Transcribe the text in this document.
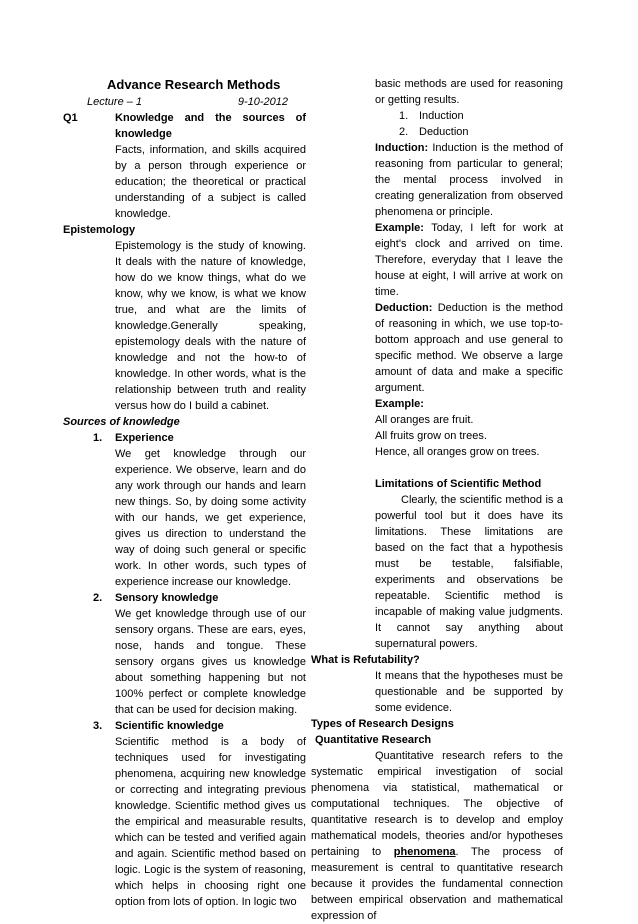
Advance Research Methods

Lecture – 1	9-10-2012
Q1	Knowledge and the sources of knowledge

Facts, information, and skills acquired by a person through experience or education; the theoretical or practical understanding of a subject is called knowledge.

Epistemology

Epistemology is the study of knowing. It deals with the nature of knowledge, how do we know things, what do we know, why we know, is what we know true, and what are the limits of knowledge.Generally speaking, epistemology deals with the nature of knowledge and not the how-to of knowledge. In other words, what is the relationship between truth and reality versus how do I build a cabinet.

Sources of knowledge

1.	Experience

We get knowledge through our experience. We observe, learn and do any work through our hands and learn new things. So, by doing some activity with our hands, we get experience, gives us direction to understand the way of doing such general or specific work. In other words, such types of experience increase our knowledge.

2.	Sensory knowledge

We get knowledge through use of our sensory organs. These are ears, eyes, nose, hands and tongue. These sensory organs gives us knowledge about something happening but not 100% perfect or complete knowledge that can be used for decision making.

3.	Scientific knowledge

Scientific method is a body of techniques used for investigating phenomena, acquiring new knowledge or correcting and integrating previous knowledge. Scientific method gives us the empirical and measurable results, which can be tested and verified again and again. Scientific method based on logic. Logic is the system of reasoning, which helps in choosing right one option from lots of option. In logic two

basic methods are used for reasoning or getting results.

1. Induction
2. Deduction

Induction: Induction is the method of reasoning from particular to general; the mental process involved in creating generalization from observed phenomena or principle.

Example: Today, I left for work at eight's clock and arrived on time. Therefore, everyday that I leave the house at eight, I will arrive at work on time.

Deduction: Deduction is the method of reasoning in which, we use top-to-bottom approach and use general to specific method. We observe a large amount of data and make a specific argument.

Example:

All oranges are fruit.

All fruits grow on trees.

Hence, all oranges grow on trees.

Limitations of Scientific Method

Clearly, the scientific method is a powerful tool but it does have its limitations. These limitations are based on the fact that a hypothesis must be testable, falsifiable, experiments and observations be repeatable. Scientific method is incapable of making value judgments. It cannot say anything about supernatural powers.

What is Refutability?

It means that the hypotheses must be questionable and be supported by some evidence.

Types of Research Designs

Quantitative Research

Quantitative research refers to the systematic empirical investigation of social phenomena via statistical, mathematical or computational techniques. The objective of quantitative research is to develop and employ mathematical models, theories and/or hypotheses pertaining to phenomena. The process of measurement is central to quantitative research because it provides the fundamental connection between empirical observation and mathematical expression of
